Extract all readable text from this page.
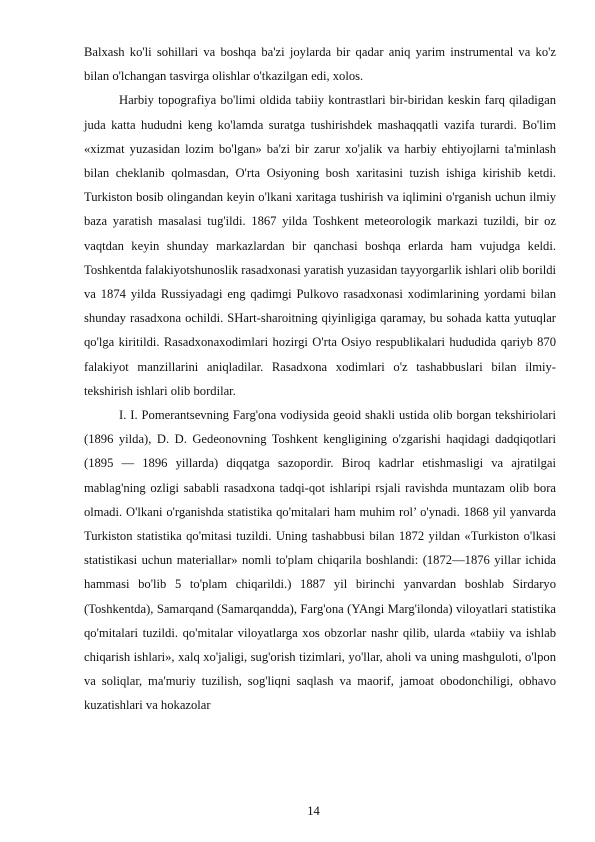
Balxash ko'li sohillari va boshqa ba'zi joylarda bir qadar aniq yarim instrumental va ko'z bilan o'lchangan tasvirga olishlar o'tkazilgan edi, xolos.

Harbiy topografiya bo'limi oldida tabiiy kontrastlari bir-biridan keskin farq qiladigan juda katta hududni keng ko'lamda suratga tushirishdek mashaqqatli vazifa turardi. Bo'lim «xizmat yuzasidan lozim bo'lgan» ba'zi bir zarur xo'jalik va harbiy ehtiyojlarni ta'minlash bilan cheklanib qolmasdan, O'rta Osiyoning bosh xaritasini tuzish ishiga kirishib ketdi. Turkiston bosib olingandan keyin o'lkani xaritaga tushirish va iqlimini o'rganish uchun ilmiy baza yaratish masalasi tug'ildi. 1867 yilda Toshkent meteorologik markazi tuzildi, bir oz vaqtdan keyin shunday markazlardan bir qanchasi boshqa erlarda ham vujudga keldi. Toshkentda falakiyotshunoslik rasadxonasi yaratish yuzasidan tayyorgarlik ishlari olib borildi va 1874 yilda Russiyadagi eng qadimgi Pulkovo rasadxonasi xodimlarining yordami bilan shunday rasadxona ochildi. SHart-sharoitning qiyinligiga qaramay, bu sohada katta yutuqlar qo'lga kiritildi. Rasadxonaxodimlari hozirgi O'rta Osiyo respublikalari hududida qariyb 870 falakiyot manzillarini aniqladilar. Rasadxona xodimlari o'z tashabbuslari bilan ilmiy- tekshirish ishlari olib bordilar.

I. I. Pomerantsevning Farg'ona vodiysida geoid shakli ustida olib borgan tekshiriolari (1896 yilda), D. D. Gedeonovning Toshkent kengligining o'zgarishi haqidagi dadqiqotlari (1895 — 1896 yillarda) diqqatga sazopordir. Biroq kadrlar etishmasligi va ajratilgai mablag'ning ozligi sababli rasadxona tadqi-qot ishlaripi rsjali ravishda muntazam olib bora olmadi. O'lkani o'rganishda statistika qo'mitalari ham muhim rol’ o'ynadi. 1868 yil yanvarda Turkiston statistika qo'mitasi tuzildi. Uning tashabbusi bilan 1872 yildan «Turkiston o'lkasi statistikasi uchun materiallar» nomli to'plam chiqarila boshlandi: (1872—1876 yillar ichida hammasi bo'lib 5 to'plam chiqarildi.) 1887 yil birinchi yanvardan boshlab Sirdaryo (Toshkentda), Samarqand (Samarqandda), Farg'ona (YAngi Marg'ilonda) viloyatlari statistika qo'mitalari tuzildi. qo'mitalar viloyatlarga xos obzorlar nashr qilib, ularda «tabiiy va ishlab chiqarish ishlari», xalq xo'jaligi, sug'orish tizimlari, yo'llar, aholi va uning mashguloti, o'lpon va soliqlar, ma'muriy tuzilish, sog'liqni saqlash va maorif, jamoat obodonchiligi, obhavo kuzatishlari va hokazolar

14
